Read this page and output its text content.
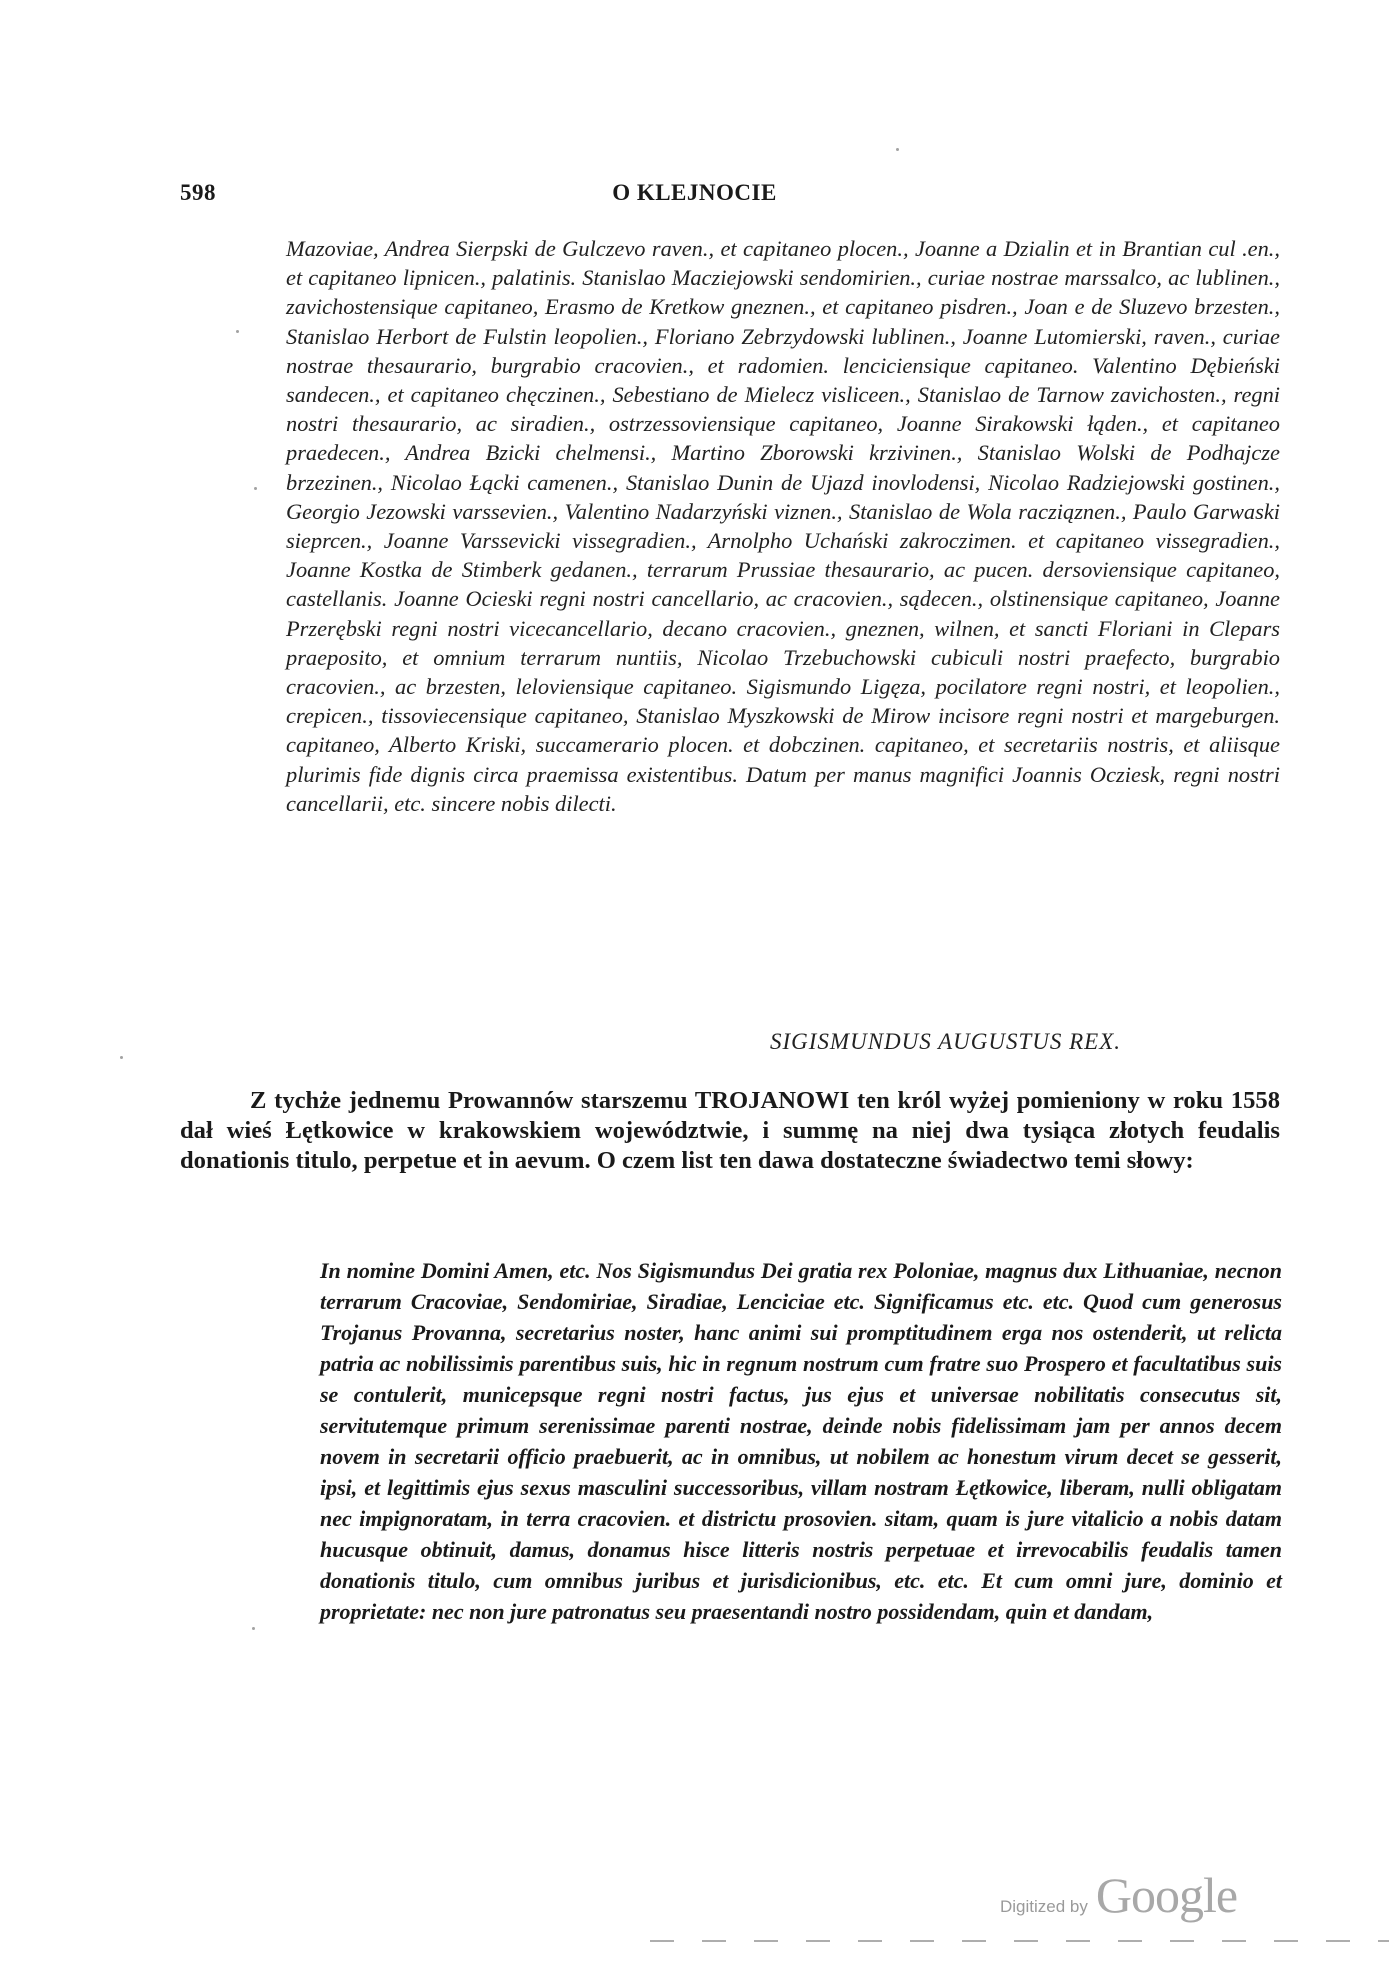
598	O KLEJNOCIE

Mazoviae, Andrea Sierpski de Gulczevo raven., et capitaneo plocen., Joanne a Dzialin et in Brantian cul .en., et capitaneo lipnicen., palatinis. Stanislao Macziejowski sendomirien., curiae nostrae marssalco, ac lublinen., zavichostensique capitaneo, Erasmo de Kretkow gneznen., et capitaneo pisdren., Joan e de Sluzevo brzesten., Stanislao Herbort de Fulstin leopolien., Floriano Zebrzydowski lublinen., Joanne Lutomierski, raven., curiae nostrae thesaurario, burgrabio cracovien., et radomien. lenciciensique capitaneo. Valentino Dębieński sandecen., et capitaneo chęczinen., Sebestiano de Mielecz visliceen., Stanislao de Tarnow zavichosten., regni nostri thesaurario, ac siradien., ostrzessoviensique capitaneo, Joanne Sirakowski łąden., et capitaneo praedecen., Andrea Bzicki chelmensi., Martino Zborowski krzivinen., Stanislao Wolski de Podhajcze brzezinen., Nicolao Łącki camenen., Stanislao Dunin de Ujazd inovlodensi, Nicolao Radziejowski gostinen., Georgio Jezowski varssevien., Valentino Nadarzyński viznen., Stanislao de Wola racziąznen., Paulo Garwaski sieprcen., Joanne Varssevicki vissegradien., Arnolpho Uchański zakroczimen. et capitaneo vissegradien., Joanne Kostka de Stimberk gedanen., terrarum Prussiae thesaurario, ac pucen. dersoviensique capitaneo, castellanis. Joanne Ocieski regni nostri cancellario, ac cracovien., sądecen., olstinensique capitaneo, Joanne Przerębski regni nostri vicecancellario, decano cracovien., gneznen, wilnen, et sancti Floriani in Clepars praeposito, et omnium terrarum nuntiis, Nicolao Trzebuchowski cubiculi nostri praefecto, burgrabio cracovien., ac brzesten, leloviensique capitaneo. Sigismundo Ligęza, pocilatore regni nostri, et leopolien., crepicen., tissoviecensique capitaneo, Stanislao Myszkowski de Mirow incisore regni nostri et margeburgen. capitaneo, Alberto Kriski, succamerario plocen. et dobczinen. capitaneo, et secretariis nostris, et aliisque plurimis fide dignis circa praemissa existentibus. Datum per manus magnifici Joannis Ocziesk, regni nostri cancellarii, etc. sincere nobis dilecti.

SIGISMUNDUS AUGUSTUS REX.

Z tychże jednemu Prowannów starszemu TROJANOWI ten król wyżej pomieniony w roku 1558 dał wieś Łętkowice w krakowskiem województwie, i summę na niej dwa tysiąca złotych feudalis donationis titulo, perpetue et in aevum. O czem list ten dawa dostateczne świadectwo temi słowy:

In nomine Domini Amen, etc. Nos Sigismundus Dei gratia rex Poloniae, magnus dux Lithuaniae, necnon terrarum Cracoviae, Sendomiriae, Siradiae, Lenciciae etc. Significamus etc. etc. Quod cum generosus Trojanus Provanna, secretarius noster, hanc animi sui promptitudinem erga nos ostenderit, ut relicta patria ac nobilissimis parentibus suis, hic in regnum nostrum cum fratre suo Prospero et facultatibus suis se contulerit, municepsque regni nostri factus, jus ejus et universae nobilitatis consecutus sit, servitutemque primum serenissimae parenti nostrae, deinde nobis fidelissimam jam per annos decem novem in secretarii officio praebuerit, ac in omnibus, ut nobilem ac honestum virum decet se gesserit, ipsi, et legittimis ejus sexus masculini successoribus, villam nostram Łętkowice, liberam, nulli obligatam nec impignoratam, in terra cracovien. et districtu prosovien. sitam, quam is jure vitalicio a nobis datam hucusque obtinuit, damus, donamus hisce litteris nostris perpetuae et irrevocabilis feudalis tamen donationis titulo, cum omnibus juribus et jurisdicionibus, etc. etc. Et cum omni jure, dominio et proprietate: nec non jure patronatus seu praesentandi nostro possidendam, quin et dandam,

Digitized by Google
